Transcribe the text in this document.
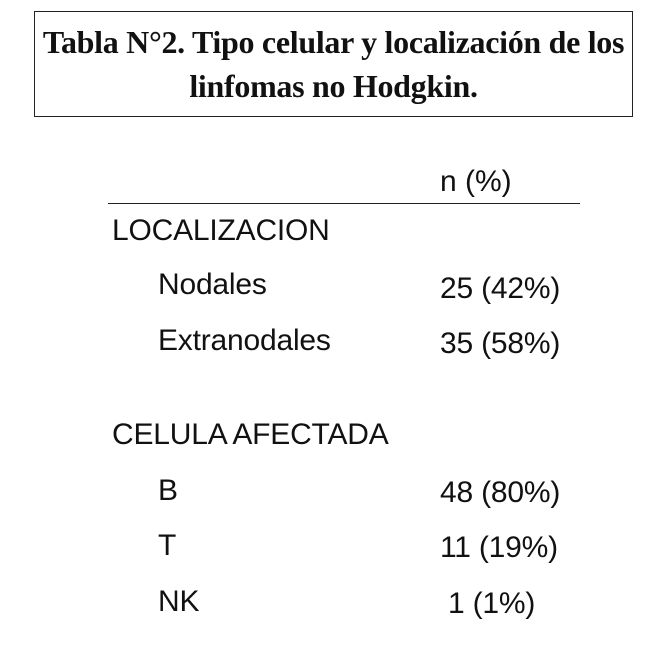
Tabla N°2. Tipo celular y localización de los
linfomas no Hodgkin.
n (%)
LOCALIZACION
Nodales	25 (42%)
Extranodales	35 (58%)
CELULA AFECTADA
B	48 (80%)
T	11 (19%)
NK	1 (1%)
